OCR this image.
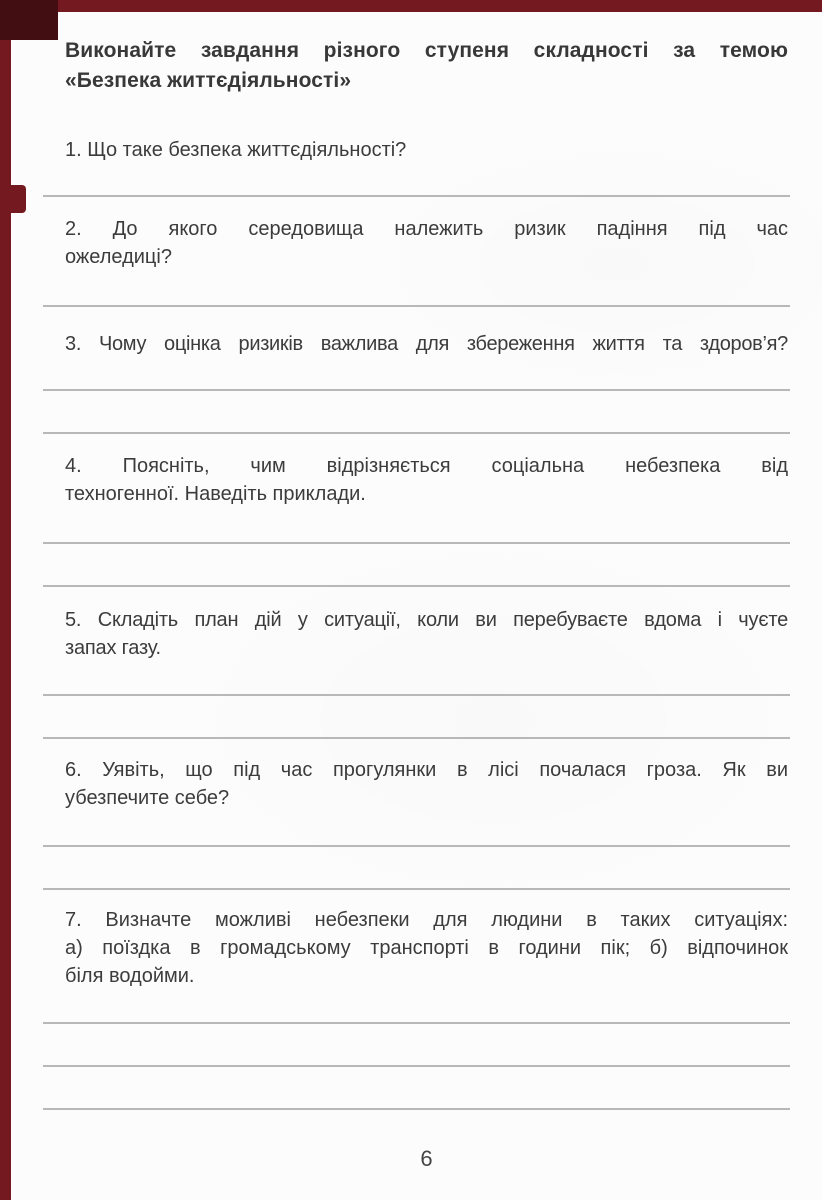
Виконайте завдання різного ступеня складності за темою
«Безпека життєдіяльності»
1. Що таке безпека життєдіяльності?
2. До якого середовища належить ризик падіння під час
ожеледиці?
3. Чому оцінка ризиків важлива для збереження життя та здоров’я?
4. Поясніть, чим відрізняється соціальна небезпека від
техногенної. Наведіть приклади.
5. Складіть план дій у ситуації, коли ви перебуваєте вдома і чуєте
запах газу.
6. Уявіть, що під час прогулянки в лісі почалася гроза. Як ви
убезпечите себе?
7. Визначте можливі небезпеки для людини в таких ситуаціях:
а) поїздка в громадському транспорті в години пік; б) відпочинок
біля водойми.
6
